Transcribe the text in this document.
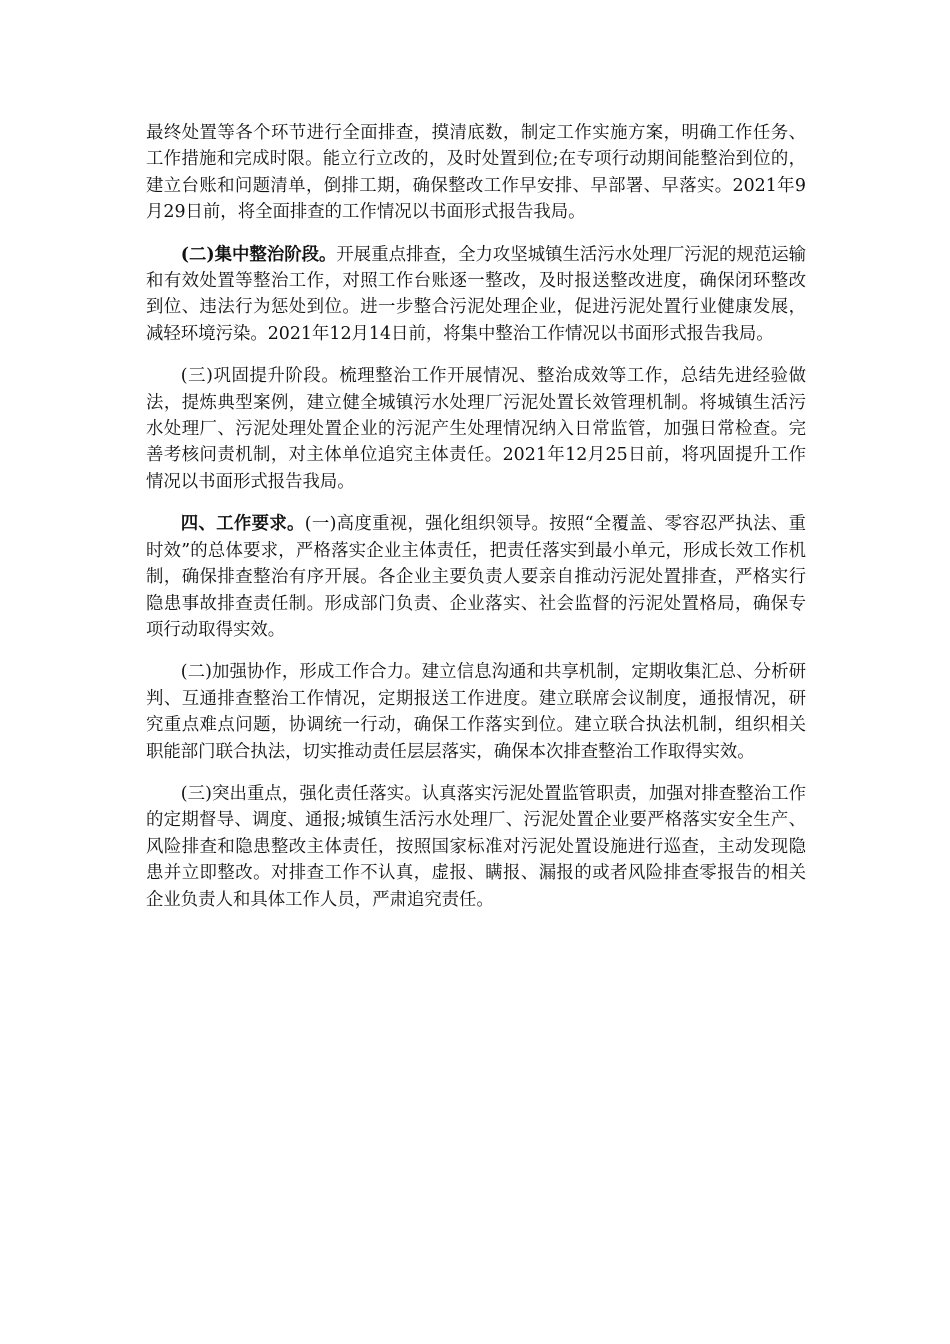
最终处置等各个环节进行全面排查，摸清底数，制定工作实施方案，明确工作任务、工作措施和完成时限。能立行立改的，及时处置到位;在专项行动期间能整治到位的，建立台账和问题清单，倒排工期，确保整改工作早安排、早部署、早落实。2021年9月29日前，将全面排查的工作情况以书面形式报告我局。

(二)集中整治阶段。开展重点排查，全力攻坚城镇生活污水处理厂污泥的规范运输和有效处置等整治工作，对照工作台账逐一整改，及时报送整改进度，确保闭环整改到位、违法行为惩处到位。进一步整合污泥处理企业，促进污泥处置行业健康发展，减轻环境污染。2021年12月14日前，将集中整治工作情况以书面形式报告我局。

(三)巩固提升阶段。梳理整治工作开展情况、整治成效等工作，总结先进经验做法，提炼典型案例，建立健全城镇污水处理厂污泥处置长效管理机制。将城镇生活污水处理厂、污泥处理处置企业的污泥产生处理情况纳入日常监管，加强日常检查。完善考核问责机制，对主体单位追究主体责任。2021年12月25日前，将巩固提升工作情况以书面形式报告我局。

四、工作要求。(一)高度重视，强化组织领导。按照“全覆盖、零容忍严执法、重时效”的总体要求，严格落实企业主体责任，把责任落实到最小单元，形成长效工作机制，确保排查整治有序开展。各企业主要负责人要亲自推动污泥处置排查，严格实行隐患事故排查责任制。形成部门负责、企业落实、社会监督的污泥处置格局，确保专项行动取得实效。

(二)加强协作，形成工作合力。建立信息沟通和共享机制，定期收集汇总、分析研判、互通排查整治工作情况，定期报送工作进度。建立联席会议制度，通报情况，研究重点难点问题，协调统一行动，确保工作落实到位。建立联合执法机制，组织相关职能部门联合执法，切实推动责任层层落实，确保本次排查整治工作取得实效。

(三)突出重点，强化责任落实。认真落实污泥处置监管职责，加强对排查整治工作的定期督导、调度、通报;城镇生活污水处理厂、污泥处置企业要严格落实安全生产、风险排查和隐患整改主体责任，按照国家标准对污泥处置设施进行巡查，主动发现隐患并立即整改。对排查工作不认真，虚报、瞒报、漏报的或者风险排查零报告的相关企业负责人和具体工作人员，严肃追究责任。
